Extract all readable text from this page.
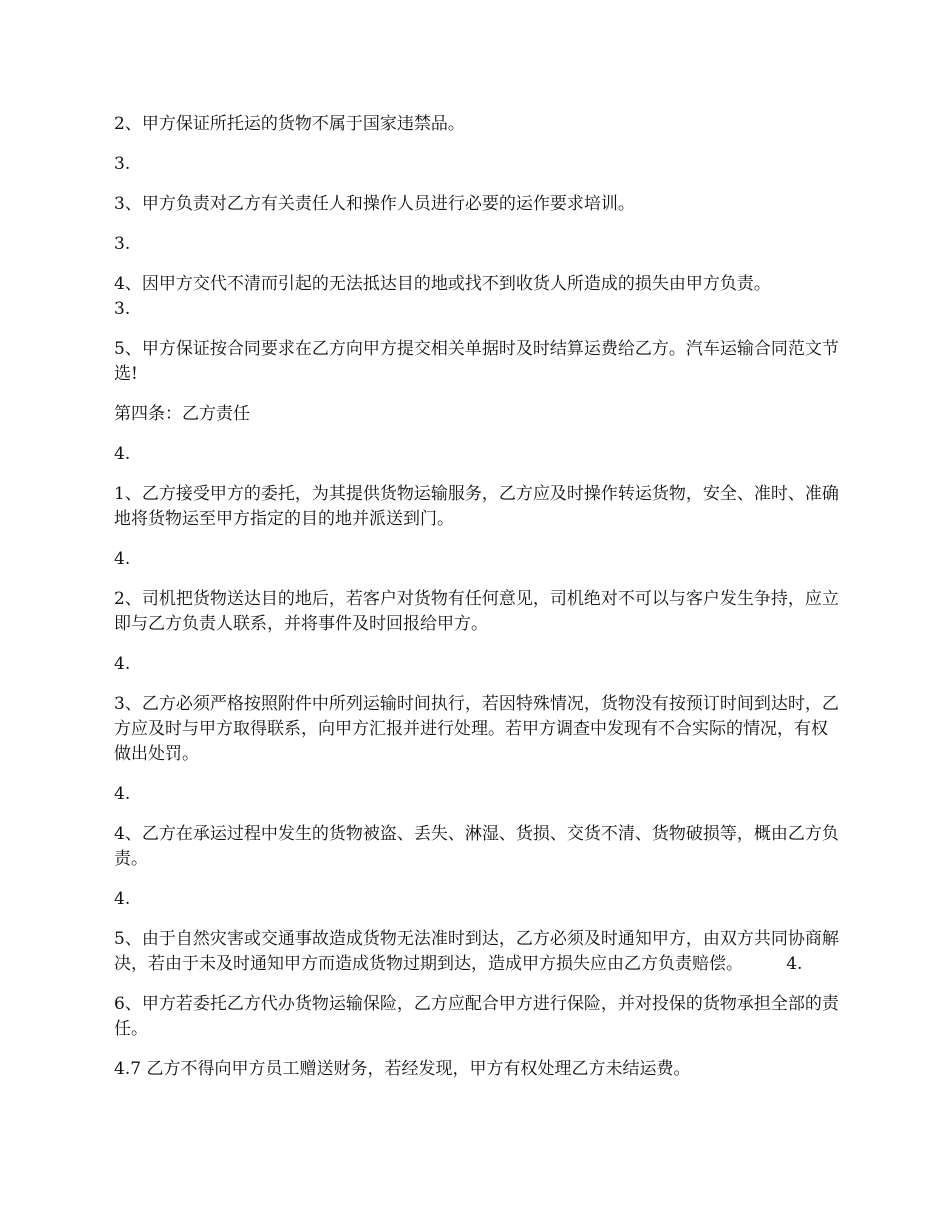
2、甲方保证所托运的货物不属于国家违禁品。

3.

3、甲方负责对乙方有关责任人和操作人员进行必要的运作要求培训。

3.

4、因甲方交代不清而引起的无法抵达目的地或找不到收货人所造成的损失由甲方负责。

3.

5、甲方保证按合同要求在乙方向甲方提交相关单据时及时结算运费给乙方。汽车运输合同范文节选!

第四条：乙方责任

4.

1、乙方接受甲方的委托，为其提供货物运输服务，乙方应及时操作转运货物，安全、准时、准确地将货物运至甲方指定的目的地并派送到门。

4.

2、司机把货物送达目的地后，若客户对货物有任何意见，司机绝对不可以与客户发生争持，应立即与乙方负责人联系，并将事件及时回报给甲方。

4.

3、乙方必须严格按照附件中所列运输时间执行，若因特殊情况，货物没有按预订时间到达时，乙方应及时与甲方取得联系，向甲方汇报并进行处理。若甲方调查中发现有不合实际的情况，有权做出处罚。

4.

4、乙方在承运过程中发生的货物被盗、丢失、淋湿、货损、交货不清、货物破损等，概由乙方负责。

4.

5、由于自然灾害或交通事故造成货物无法准时到达，乙方必须及时通知甲方，由双方共同协商解决，若由于未及时通知甲方而造成货物过期到达，造成甲方损失应由乙方负责赔偿。        4.

6、甲方若委托乙方代办货物运输保险，乙方应配合甲方进行保险，并对投保的货物承担全部的责任。

4.7 乙方不得向甲方员工赠送财务，若经发现，甲方有权处理乙方未结运费。
